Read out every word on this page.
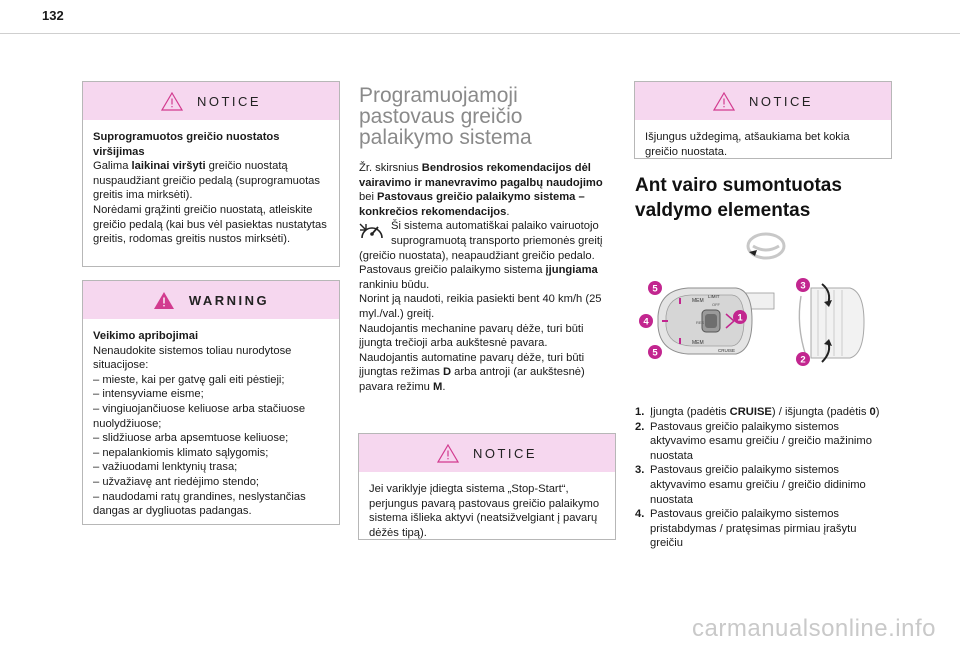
132
NOTICE

Suprogramuotos greičio nuostatos viršijimas

Galima laikinai viršyti greičio nuostatą nuspaudžiant greičio pedalą (suprogramuotas greitis ima mirksėti).

Norėdami grąžinti greičio nuostatą, atleiskite greičio pedalą (kai bus vėl pasiektas nustatytas greitis, rodomas greitis nustos mirksėti).

WARNING

Veikimo apribojimai

Nenaudokite sistemos toliau nurodytose situacijose:

– mieste, kai per gatvę gali eiti pėstieji;

– intensyviame eisme;

– vingiuojančiuose keliuose arba stačiuose nuolydžiuose;

– slidžiuose arba apsemtuose keliuose;

– nepalankiomis klimato sąlygomis;

– važiuodami lenktynių trasa;

– užvažiavę ant riedėjimo stendo;

– naudodami ratų grandines, neslystančias dangas ar dygliuotas padangas.

Programuojamoji pastovaus greičio palaikymo sistema

Žr. skirsnius Bendrosios rekomendacijos dėl vairavimo ir manevravimo pagalbų naudojimo bei Pastovaus greičio palaikymo sistema – konkrečios rekomendacijos.

Ši sistema automatiškai palaiko vairuotojo suprogramuotą transporto priemonės greitį (greičio nuostata), neapaudžiant greičio pedalo.

Pastovaus greičio palaikymo sistema įjungiama rankiniu būdu.

Norint ją naudoti, reikia pasiekti bent 40 km/h (25 myl./val.) greitį.

Naudojantis mechanine pavarų dėže, turi būti įjungta trečioji arba aukštesnė pavara.

Naudojantis automatine pavarų dėže, turi būti įjungtas režimas D arba antroji (ar aukštesnė) pavara režimu M.

NOTICE

Jei variklyje įdiegta sistema „Stop-Start“, perjungus pavarą pastovaus greičio palaikymo sistema išlieka aktyvi (neatsižvelgiant į pavarų dėžės tipą).

NOTICE

Išjungus uždegimą, atšaukiama bet kokia greičio nuostata.

Ant vairo sumontuotas valdymo elementas
MEM
MEM
LIMIT
CRUISE
OFF
RES
5
4
5
1
3
2
1. Įjungta (padėtis CRUISE) / išjungta (padėtis 0)
2. Pastovaus greičio palaikymo sistemos aktyvavimo esamu greičiu / greičio mažinimo nuostata
3. Pastovaus greičio palaikymo sistemos aktyvavimo esamu greičiu / greičio didinimo nuostata
4. Pastovaus greičio palaikymo sistemos pristabdymas / pratęsimas pirmiau įrašytu greičiu
carmanualsonline.info
